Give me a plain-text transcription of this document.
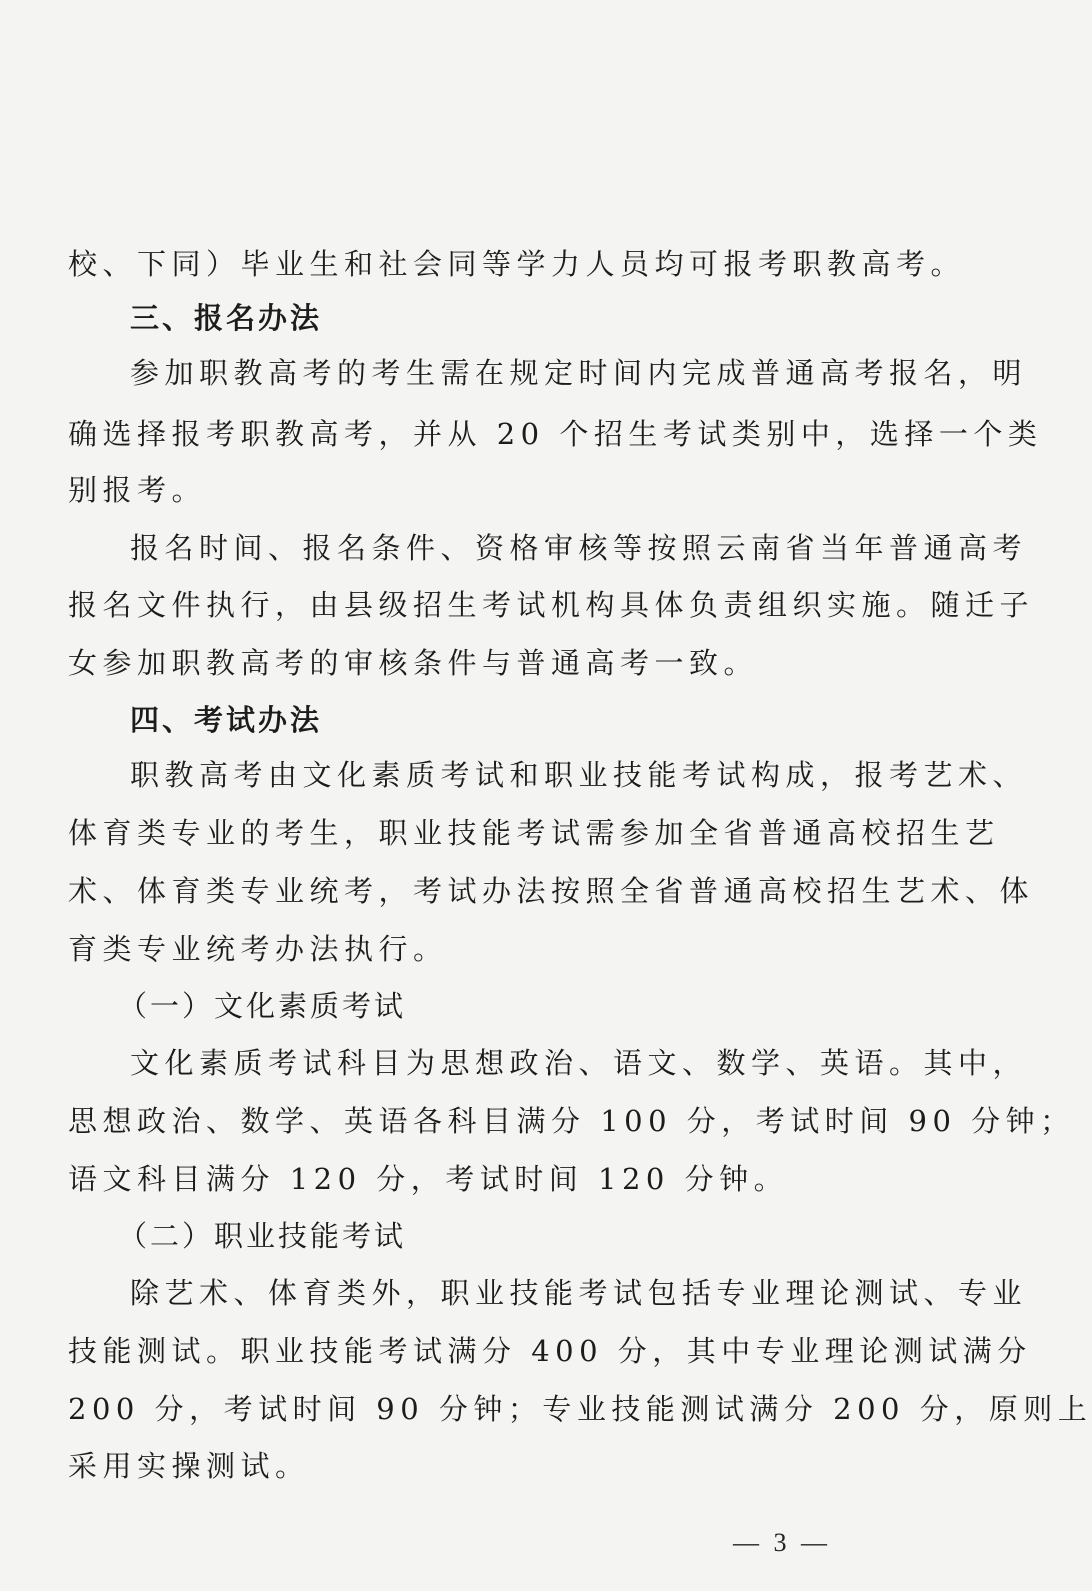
校、下同）毕业生和社会同等学力人员均可报考职教高考。
三、报名办法
参加职教高考的考生需在规定时间内完成普通高考报名，明
确选择报考职教高考，并从 20 个招生考试类别中，选择一个类
别报考。
报名时间、报名条件、资格审核等按照云南省当年普通高考
报名文件执行，由县级招生考试机构具体负责组织实施。随迁子
女参加职教高考的审核条件与普通高考一致。
四、考试办法
职教高考由文化素质考试和职业技能考试构成，报考艺术、
体育类专业的考生，职业技能考试需参加全省普通高校招生艺
术、体育类专业统考，考试办法按照全省普通高校招生艺术、体
育类专业统考办法执行。
（一）文化素质考试
文化素质考试科目为思想政治、语文、数学、英语。其中，
思想政治、数学、英语各科目满分 100 分，考试时间 90 分钟；
语文科目满分 120 分，考试时间 120 分钟。
（二）职业技能考试
除艺术、体育类外，职业技能考试包括专业理论测试、专业
技能测试。职业技能考试满分 400 分，其中专业理论测试满分
200 分，考试时间 90 分钟；专业技能测试满分 200 分，原则上
采用实操测试。
— 3 —
